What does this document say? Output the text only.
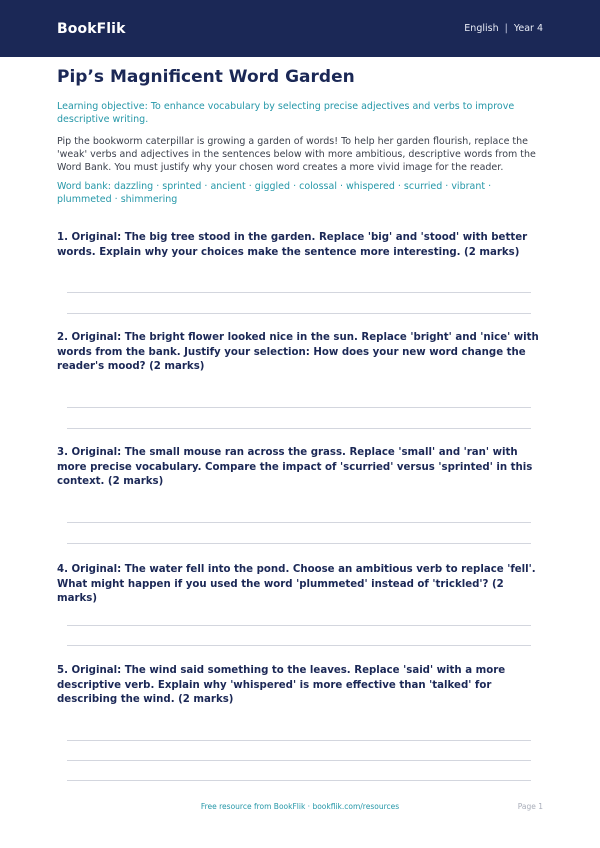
BookFlik	English | Year 4
Pip’s Magnificent Word Garden

Learning objective: To enhance vocabulary by selecting precise adjectives and verbs to improve descriptive writing.

Pip the bookworm caterpillar is growing a garden of words! To help her garden flourish, replace the 'weak' verbs and adjectives in the sentences below with more ambitious, descriptive words from the Word Bank. You must justify why your chosen word creates a more vivid image for the reader.

Word bank: dazzling · sprinted · ancient · giggled · colossal · whispered · scurried · vibrant · plummeted · shimmering

1. Original: The big tree stood in the garden. Replace 'big' and 'stood' with better words. Explain why your choices make the sentence more interesting. (2 marks)
2. Original: The bright flower looked nice in the sun. Replace 'bright' and 'nice' with words from the bank. Justify your selection: How does your new word change the reader's mood? (2 marks)
3. Original: The small mouse ran across the grass. Replace 'small' and 'ran' with more precise vocabulary. Compare the impact of 'scurried' versus 'sprinted' in this context. (2 marks)
4. Original: The water fell into the pond. Choose an ambitious verb to replace 'fell'. What might happen if you used the word 'plummeted' instead of 'trickled'? (2 marks)
5. Original: The wind said something to the leaves. Replace 'said' with a more descriptive verb. Explain why 'whispered' is more effective than 'talked' for describing the wind. (2 marks)
Free resource from BookFlik · bookflik.com/resources	Page 1
